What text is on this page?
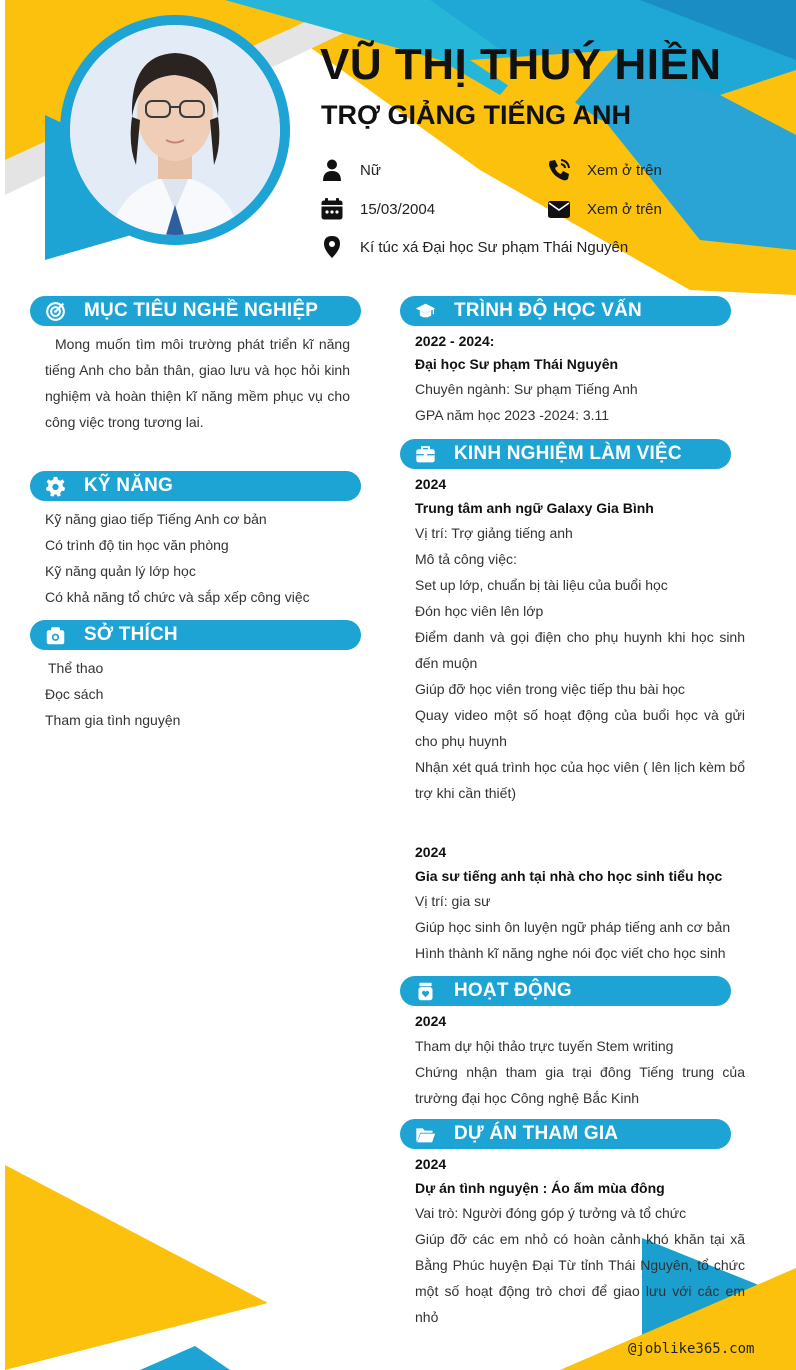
VŨ THỊ THUÝ HIỀN
TRỢ GIẢNG TIẾNG ANH
Nữ
15/03/2004
Kí túc xá Đại học Sư phạm Thái Nguyên
Xem ở trên
Xem ở trên
MỤC TIÊU NGHỀ NGHIỆP
Mong muốn tìm môi trường phát triển kĩ năng tiếng Anh cho bản thân, giao lưu và học hỏi kinh nghiệm và hoàn thiện kĩ năng mềm phục vụ cho công việc trong tương lai.
KỸ NĂNG
Kỹ năng giao tiếp Tiếng Anh cơ bản
Có trình độ tin học văn phòng
Kỹ năng quản lý lớp học
Có khả năng tổ chức và sắp xếp công việc
SỞ THÍCH
Thể thao
Đọc sách
Tham gia tình nguyện
TRÌNH ĐỘ HỌC VẤN
2022 - 2024:
Đại học Sư phạm Thái Nguyên
Chuyên ngành: Sư phạm Tiếng Anh
GPA năm học 2023 -2024: 3.11
KINH NGHIỆM LÀM VIỆC
2024
Trung tâm anh ngữ Galaxy Gia Bình
Vị trí: Trợ giảng tiếng anh
Mô tả công việc:
Set up lớp, chuẩn bị tài liệu của buổi học
Đón học viên lên lớp
Điểm danh và gọi điện cho phụ huynh khi học sinh đến muộn
Giúp đỡ học viên trong việc tiếp thu bài học
Quay video một số hoạt động của buổi học và gửi cho phụ huynh
Nhận xét quá trình học của học viên ( lên lịch kèm bổ trợ khi cần thiết)
2024
Gia sư tiếng anh tại nhà cho học sinh tiểu học
Vị trí: gia sư
Giúp học sinh ôn luyện ngữ pháp tiếng anh cơ bản
Hình thành kĩ năng nghe nói đọc viết cho học sinh
HOẠT ĐỘNG
2024
Tham dự hội thảo trực tuyến Stem writing
Chứng nhận tham gia trại đông Tiếng trung của trường đại học Công nghệ Bắc Kinh
DỰ ÁN THAM GIA
2024
Dự án tình nguyện : Áo ấm mùa đông
Vai trò: Người đóng góp ý tưởng và tổ chức
Giúp đỡ các em nhỏ có hoàn cảnh khó khăn tại xã Bằng Phúc huyện Đại Từ tỉnh Thái Nguyên, tổ chức một số hoạt động trò chơi để giao lưu với các em nhỏ
@joblike365.com
